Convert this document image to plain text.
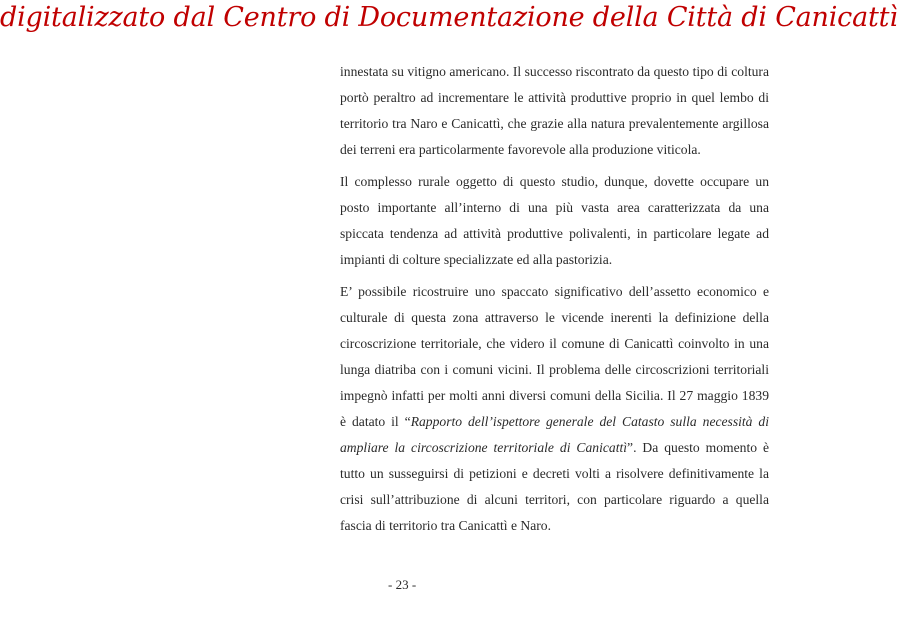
digitalizzato dal Centro di Documentazione della Città di Canicattì

innestata su vitigno americano. Il successo riscontrato da questo tipo di coltura portò peraltro ad incrementare le attività produttive proprio in quel lembo di territorio tra Naro e Canicattì, che grazie alla natura prevalentemente argillosa dei terreni era particolarmente favorevole alla produzione viticola.

Il complesso rurale oggetto di questo studio, dunque, dovette occupare un posto importante all’interno di una più vasta area caratterizzata da una spiccata tendenza ad attività produttive polivalenti, in particolare legate ad impianti di colture specializzate ed alla pastorizia.

E’ possibile ricostruire uno spaccato significativo dell’assetto economico e culturale di questa zona attraverso le vicende inerenti la definizione della circoscrizione territoriale, che videro il comune di Canicattì coinvolto in una lunga diatriba con i comuni vicini. Il problema delle circoscrizioni territoriali impegnò infatti per molti anni diversi comuni della Sicilia. Il 27 maggio 1839 è datato il “Rapporto dell’ispettore generale del Catasto sulla necessità di ampliare la circoscrizione territoriale di Canicattì”. Da questo momento è tutto un susseguirsi di petizioni e decreti volti a risolvere definitivamente la crisi sull’attribuzione di alcuni territori, con particolare riguardo a quella fascia di territorio tra Canicattì e Naro.

- 23 -
